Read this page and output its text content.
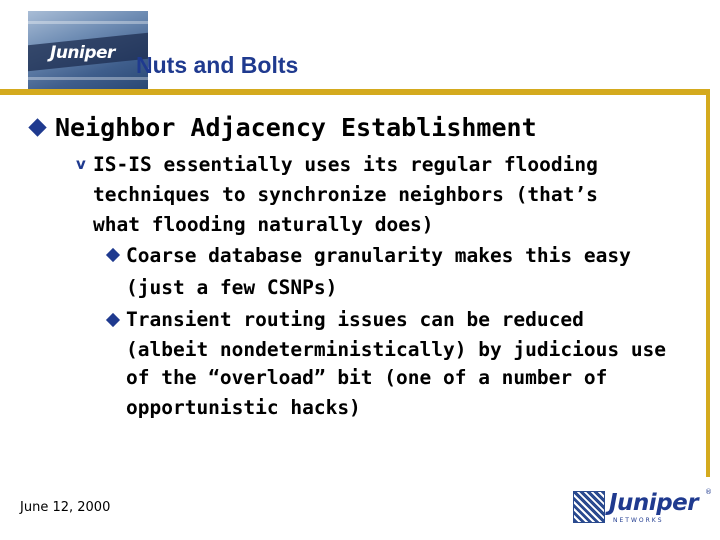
Juniper Nuts and Bolts
Neighbor Adjacency Establishment
v IS-IS essentially uses its regular flooding
techniques to synchronize neighbors (that’s
what flooding naturally does)
Coarse database granularity makes this easy
(just a few CSNPs)
Transient routing issues can be reduced
(albeit nondeterministically) by judicious use
of the “overload” bit (one of a number of
opportunistic hacks)
June 12, 2000	Juniper
NETWORKS
®
